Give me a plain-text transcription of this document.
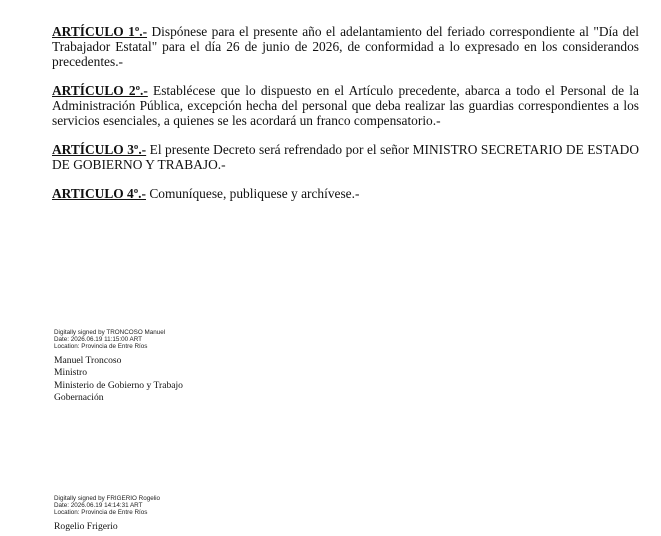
ARTÍCULO 1º.- Dispónese para el presente año el adelantamiento del feriado correspondiente al "Día del Trabajador Estatal" para el día 26 de junio de 2026, de conformidad a lo expresado en los considerandos precedentes.-

ARTÍCULO 2º.- Establécese que lo dispuesto en el Artículo precedente, abarca a todo el Personal de la Administración Pública, excepción hecha del personal que deba realizar las guardias correspondientes a los servicios esenciales, a quienes se les acordará un franco compensatorio.-

ARTÍCULO 3º.- El presente Decreto será refrendado por el señor MINISTRO SECRETARIO DE ESTADO DE GOBIERNO Y TRABAJO.-

ARTICULO 4º.- Comuníquese, publiquese y archívese.-

Digitally signed by TRONCOSO Manuel
Date: 2026.06.19 11:15:00 ART
Location: Provincia de Entre Ríos
Manuel Troncoso
Ministro
Ministerio de Gobierno y Trabajo
Gobernación
Digitally signed by FRIGERIO Rogelio
Date: 2026.06.19 14:14:31 ART
Location: Provincia de Entre Ríos
Rogelio Frigerio
